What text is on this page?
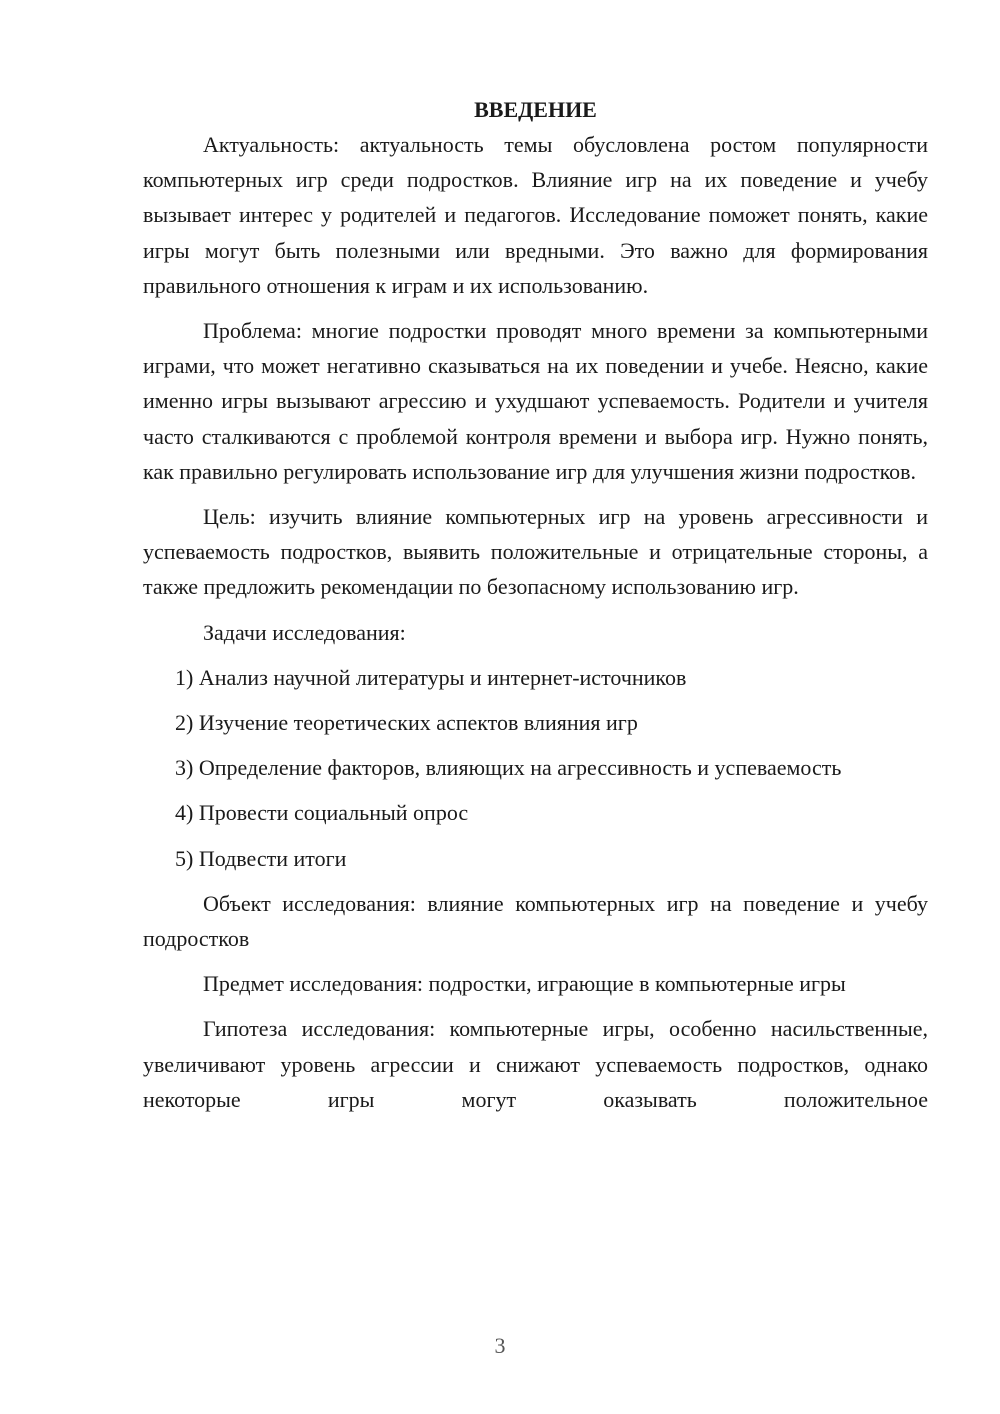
ВВЕДЕНИЕ

Актуальность: актуальность темы обусловлена ростом популярности компьютерных игр среди подростков. Влияние игр на их поведение и учебу вызывает интерес у родителей и педагогов. Исследование поможет понять, какие игры могут быть полезными или вредными. Это важно для формирования правильного отношения к играм и их использованию.

Проблема: многие подростки проводят много времени за компьютерными играми, что может негативно сказываться на их поведении и учебе. Неясно, какие именно игры вызывают агрессию и ухудшают успеваемость. Родители и учителя часто сталкиваются с проблемой контроля времени и выбора игр. Нужно понять, как правильно регулировать использование игр для улучшения жизни подростков.

Цель: изучить влияние компьютерных игр на уровень агрессивности и успеваемость подростков, выявить положительные и отрицательные стороны, а также предложить рекомендации по безопасному использованию игр.

Задачи исследования:

1) Анализ научной литературы и интернет-источников
2) Изучение теоретических аспектов влияния игр
3) Определение факторов, влияющих на агрессивность и успеваемость
4) Провести социальный опрос
5) Подвести итоги

Объект исследования: влияние компьютерных игр на поведение и учебу подростков

Предмет исследования: подростки, играющие в компьютерные игры

Гипотеза исследования: компьютерные игры, особенно насильственные, увеличивают уровень агрессии и снижают успеваемость подростков, однако некоторые игры могут оказывать положительное

3
